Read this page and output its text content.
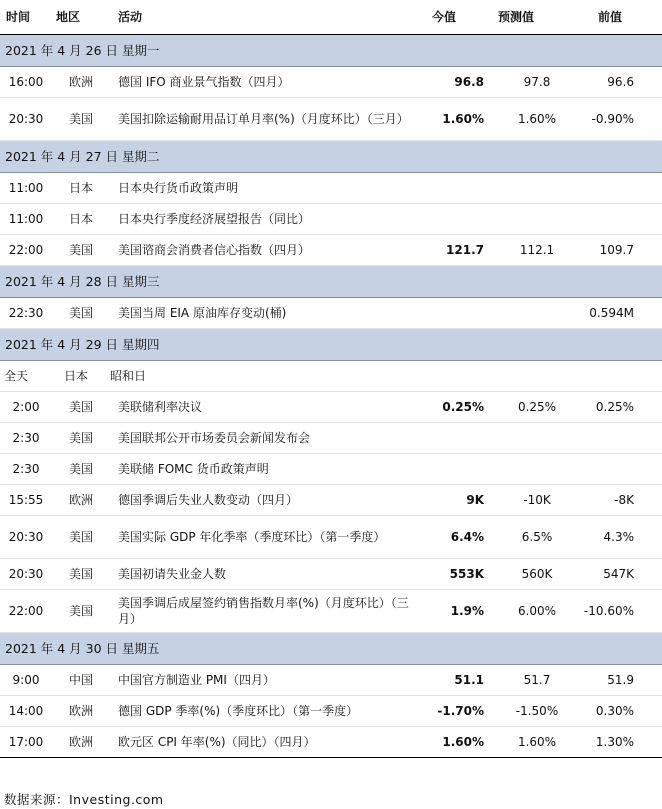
时间	地区	活动	今值	预测值	前值
2021 年 4 月 26 日 星期一					
16:00	欧洲	德国 IFO 商业景气指数（四月）	96.8	97.8	96.6
20:30	美国	美国扣除运输耐用品订单月率(%)（月度环比）（三月）	1.60%	1.60%	-0.90%
2021 年 4 月 27 日 星期二					
11:00	日本	日本央行货币政策声明			
11:00	日本	日本央行季度经济展望报告（同比）			
22:00	美国	美国谘商会消费者信心指数（四月）	121.7	112.1	109.7
2021 年 4 月 28 日 星期三					
22:30	美国	美国当周 EIA 原油库存变动(桶)			0.594M
2021 年 4 月 29 日 星期四					
全天	日本	昭和日			
2:00	美国	美联储利率决议	0.25%	0.25%	0.25%
2:30	美国	美国联邦公开市场委员会新闻发布会			
2:30	美国	美联储 FOMC 货币政策声明			
15:55	欧洲	德国季调后失业人数变动（四月）	9K	-10K	-8K
20:30	美国	美国实际 GDP 年化季率（季度环比）（第一季度）	6.4%	6.5%	4.3%
20:30	美国	美国初请失业金人数	553K	560K	547K
22:00	美国	美国季调后成屋签约销售指数月率(%)（月度环比）（三月）	1.9%	6.00%	-10.60%
2021 年 4 月 30 日 星期五					
9:00	中国	中国官方制造业 PMI（四月）	51.1	51.7	51.9
14:00	欧洲	德国 GDP 季率(%)（季度环比）（第一季度）	-1.70%	-1.50%	0.30%
17:00	欧洲	欧元区 CPI 年率(%)（同比）（四月）	1.60%	1.60%	1.30%
数据来源：Investing.com
